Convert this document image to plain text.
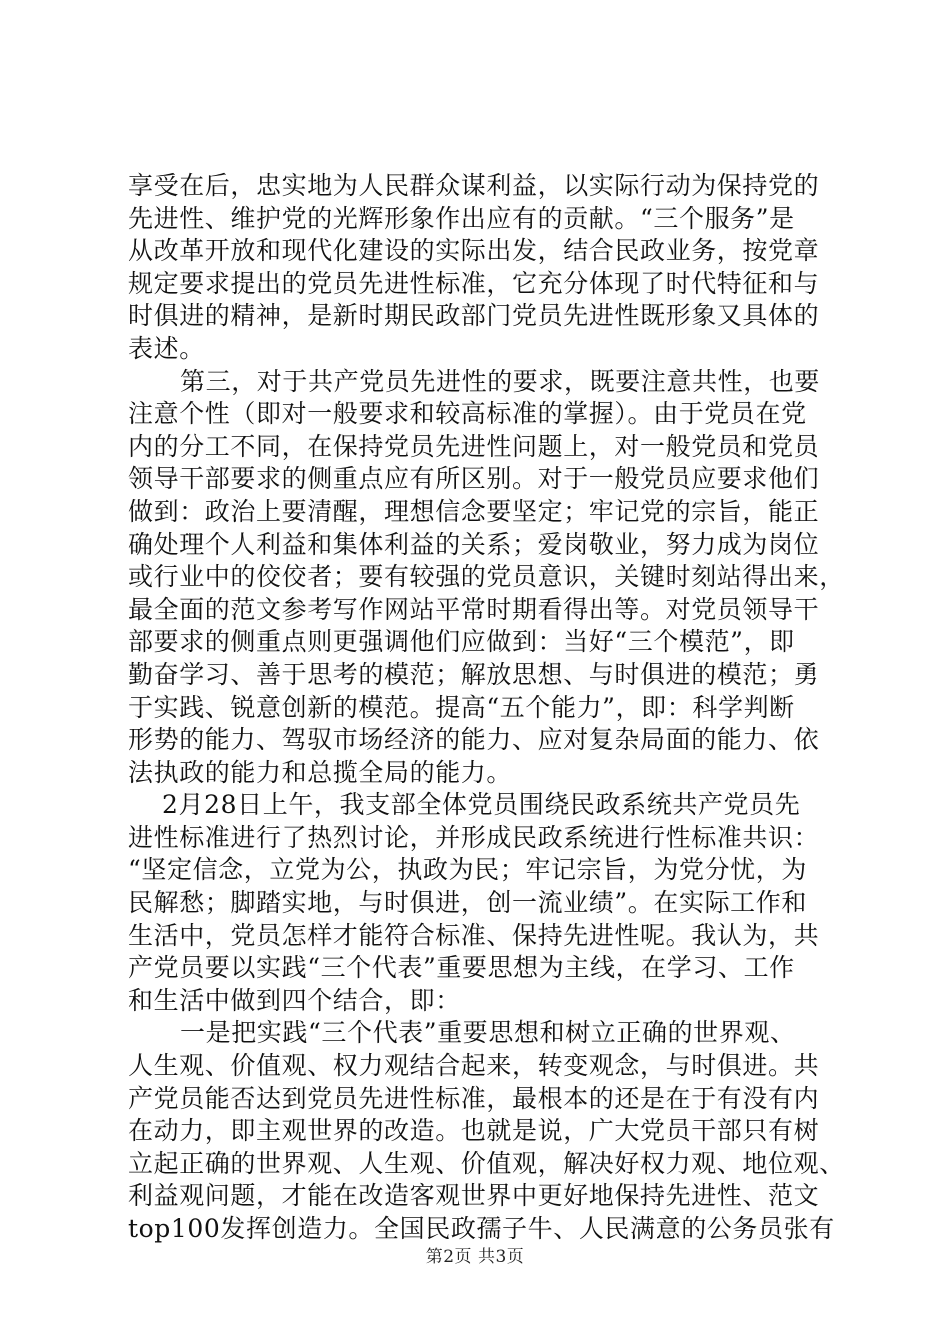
享受在后，忠实地为人民群众谋利益，以实际行动为保持党的
先进性、维护党的光辉形象作出应有的贡献。“三个服务”是
从改革开放和现代化建设的实际出发，结合民政业务，按党章
规定要求提出的党员先进性标准，它充分体现了时代特征和与
时俱进的精神，是新时期民政部门党员先进性既形象又具体的
表述。
第三，对于共产党员先进性的要求，既要注意共性，也要
注意个性（即对一般要求和较高标准的掌握）。由于党员在党
内的分工不同，在保持党员先进性问题上，对一般党员和党员
领导干部要求的侧重点应有所区别。对于一般党员应要求他们
做到：政治上要清醒，理想信念要坚定；牢记党的宗旨，能正
确处理个人利益和集体利益的关系；爱岗敬业，努力成为岗位
或行业中的佼佼者；要有较强的党员意识，关键时刻站得出来，
最全面的范文参考写作网站平常时期看得出等。对党员领导干
部要求的侧重点则更强调他们应做到：当好“三个模范”，即
勤奋学习、善于思考的模范；解放思想、与时俱进的模范；勇
于实践、锐意创新的模范。提高“五个能力”，即：科学判断
形势的能力、驾驭市场经济的能力、应对复杂局面的能力、依
法执政的能力和总揽全局的能力。
2月28日上午，我支部全体党员围绕民政系统共产党员先
进性标准进行了热烈讨论，并形成民政系统进行性标准共识：
“坚定信念，立党为公，执政为民；牢记宗旨，为党分忧，为
民解愁；脚踏实地，与时俱进，创一流业绩”。在实际工作和
生活中，党员怎样才能符合标准、保持先进性呢。我认为，共
产党员要以实践“三个代表”重要思想为主线，在学习、工作
和生活中做到四个结合，即：
一是把实践“三个代表”重要思想和树立正确的世界观、
人生观、价值观、权力观结合起来，转变观念，与时俱进。共
产党员能否达到党员先进性标准，最根本的还是在于有没有内
在动力，即主观世界的改造。也就是说，广大党员干部只有树
立起正确的世界观、人生观、价值观，解决好权力观、地位观、
利益观问题，才能在改造客观世界中更好地保持先进性、范文
top100发挥创造力。全国民政孺子牛、人民满意的公务员张有
第2页 共3页
